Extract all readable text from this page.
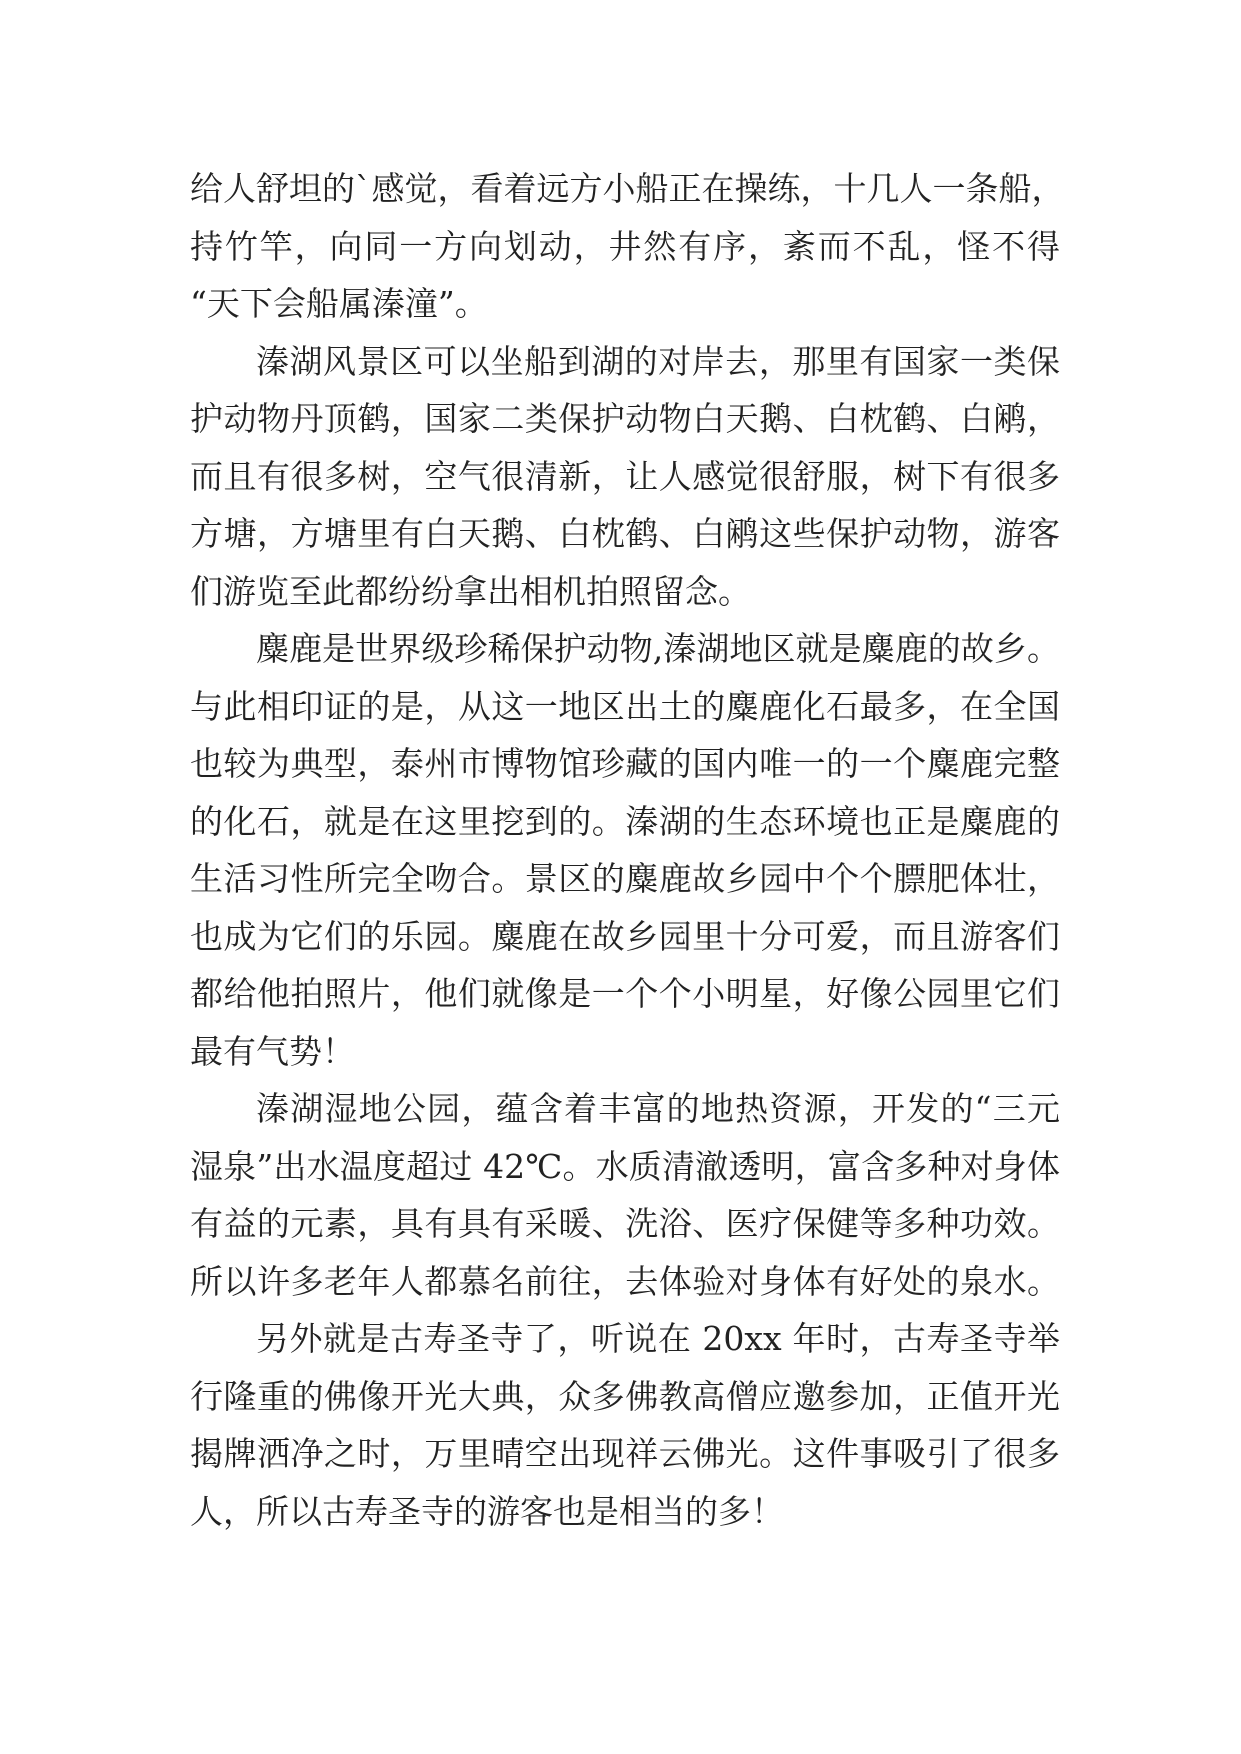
给人舒坦的`感觉，看着远方小船正在操练，十几人一条船，
持竹竿，向同一方向划动，井然有序，紊而不乱，怪不得
“天下会船属溱潼”。
溱湖风景区可以坐船到湖的对岸去，那里有国家一类保
护动物丹顶鹤，国家二类保护动物白天鹅、白枕鹤、白鹇，
而且有很多树，空气很清新，让人感觉很舒服，树下有很多
方塘，方塘里有白天鹅、白枕鹤、白鹇这些保护动物，游客
们游览至此都纷纷拿出相机拍照留念。
麋鹿是世界级珍稀保护动物,溱湖地区就是麋鹿的故乡。
与此相印证的是，从这一地区出土的麋鹿化石最多，在全国
也较为典型，泰州市博物馆珍藏的国内唯一的一个麋鹿完整
的化石，就是在这里挖到的。溱湖的生态环境也正是麋鹿的
生活习性所完全吻合。景区的麋鹿故乡园中个个膘肥体壮，
也成为它们的乐园。麋鹿在故乡园里十分可爱，而且游客们
都给他拍照片，他们就像是一个个小明星，好像公园里它们
最有气势！
溱湖湿地公园，蕴含着丰富的地热资源，开发的“三元
湿泉”出水温度超过 42℃。水质清澈透明，富含多种对身体
有益的元素，具有具有采暖、洗浴、医疗保健等多种功效。
所以许多老年人都慕名前往，去体验对身体有好处的泉水。
另外就是古寿圣寺了，听说在 20xx 年时，古寿圣寺举
行隆重的佛像开光大典，众多佛教高僧应邀参加，正值开光
揭牌洒净之时，万里晴空出现祥云佛光。这件事吸引了很多
人，所以古寿圣寺的游客也是相当的多！
